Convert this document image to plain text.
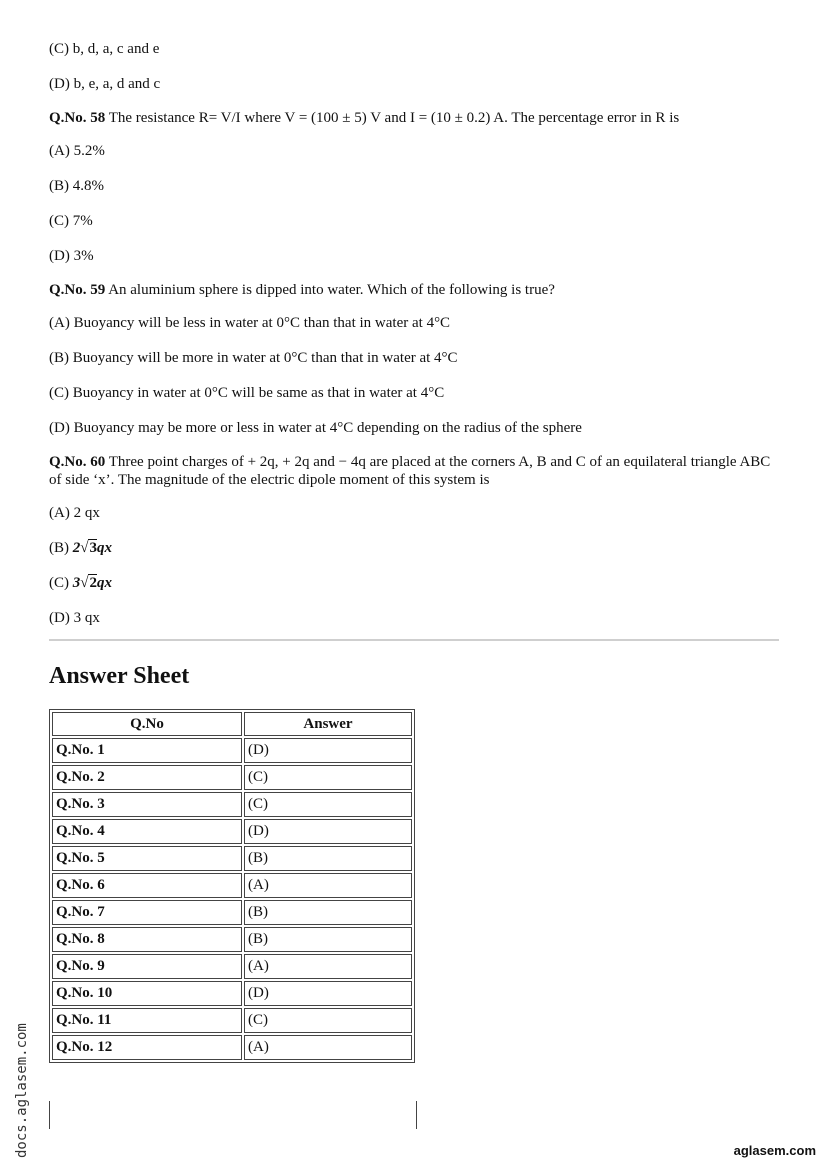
(C) b, d, a, c and e

(D) b, e, a, d and c

Q.No. 58 The resistance R= V/I where V = (100 ± 5) V and I = (10 ± 0.2) A. The percentage error in R is

(A) 5.2%

(B) 4.8%

(C) 7%

(D) 3%

Q.No. 59 An aluminium sphere is dipped into water. Which of the following is true?

(A) Buoyancy will be less in water at 0°C than that in water at 4°C

(B) Buoyancy will be more in water at 0°C than that in water at 4°C

(C) Buoyancy in water at 0°C will be same as that in water at 4°C

(D) Buoyancy may be more or less in water at 4°C depending on the radius of the sphere

Q.No. 60 Three point charges of + 2q, + 2q and − 4q are placed at the corners A, B and C of an equilateral triangle ABC of side ‘x’. The magnitude of the electric dipole moment of this system is

(A) 2 qx

(B) 2√3qx

(C) 3√2qx

(D) 3 qx

Answer Sheet
Q.No	Answer
Q.No. 1	(D)
Q.No. 2	(C)
Q.No. 3	(C)
Q.No. 4	(D)
Q.No. 5	(B)
Q.No. 6	(A)
Q.No. 7	(B)
Q.No. 8	(B)
Q.No. 9	(A)
Q.No. 10	(D)
Q.No. 11	(C)
Q.No. 12	(A)
docs.aglasem.com	aglasem.com
